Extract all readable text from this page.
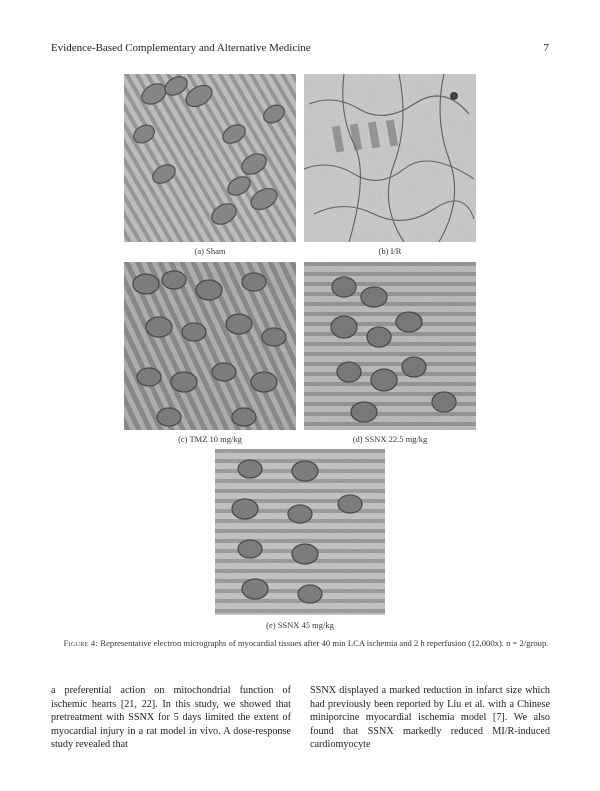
Evidence-Based Complementary and Alternative Medicine	7
(a) Sham	(b) I/R
(c) TMZ 10 mg/kg	(d) SSNX 22.5 mg/kg
(e) SSNX 45 mg/kg
Figure 4: Representative electron micrographs of myocardial tissues after 40 min LCA ischemia and 2 h reperfusion (12,000x). n = 2/group.

a preferential action on mitochondrial function of ischemic hearts [21, 22]. In this study, we showed that pretreatment with SSNX for 5 days limited the extent of myocardial injury in a rat model in vivo. A dose-response study revealed that

SSNX displayed a marked reduction in infarct size which had previously been reported by Liu et al. with a Chinese miniporcine myocardial ischemia model [7]. We also found that SSNX markedly reduced MI/R-induced cardiomyocyte
